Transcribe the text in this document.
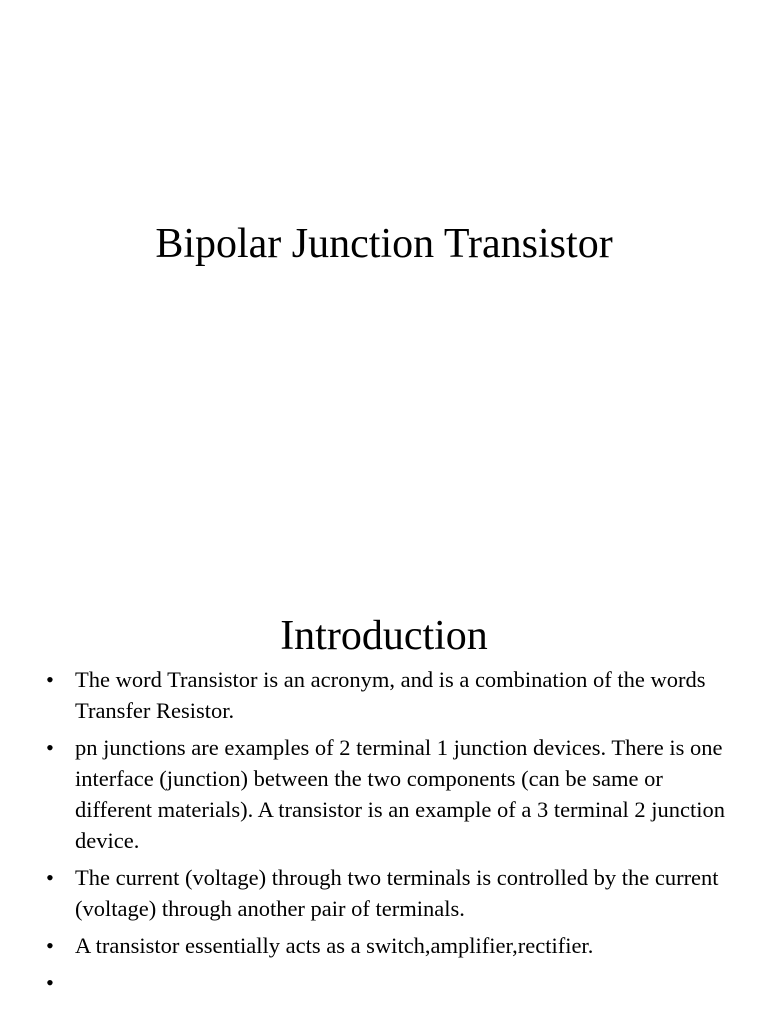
Bipolar Junction Transistor
Introduction
• The word Transistor is an acronym, and is a combination of the words Transfer Resistor.
• pn junctions are examples of 2 terminal 1 junction devices. There is one interface (junction) between the two components (can be same or different materials). A transistor is an example of a 3 terminal 2 junction device.
• The current (voltage) through two terminals is controlled by the current (voltage) through another pair of terminals.
• A transistor essentially acts as a switch,amplifier,rectifier.
•
